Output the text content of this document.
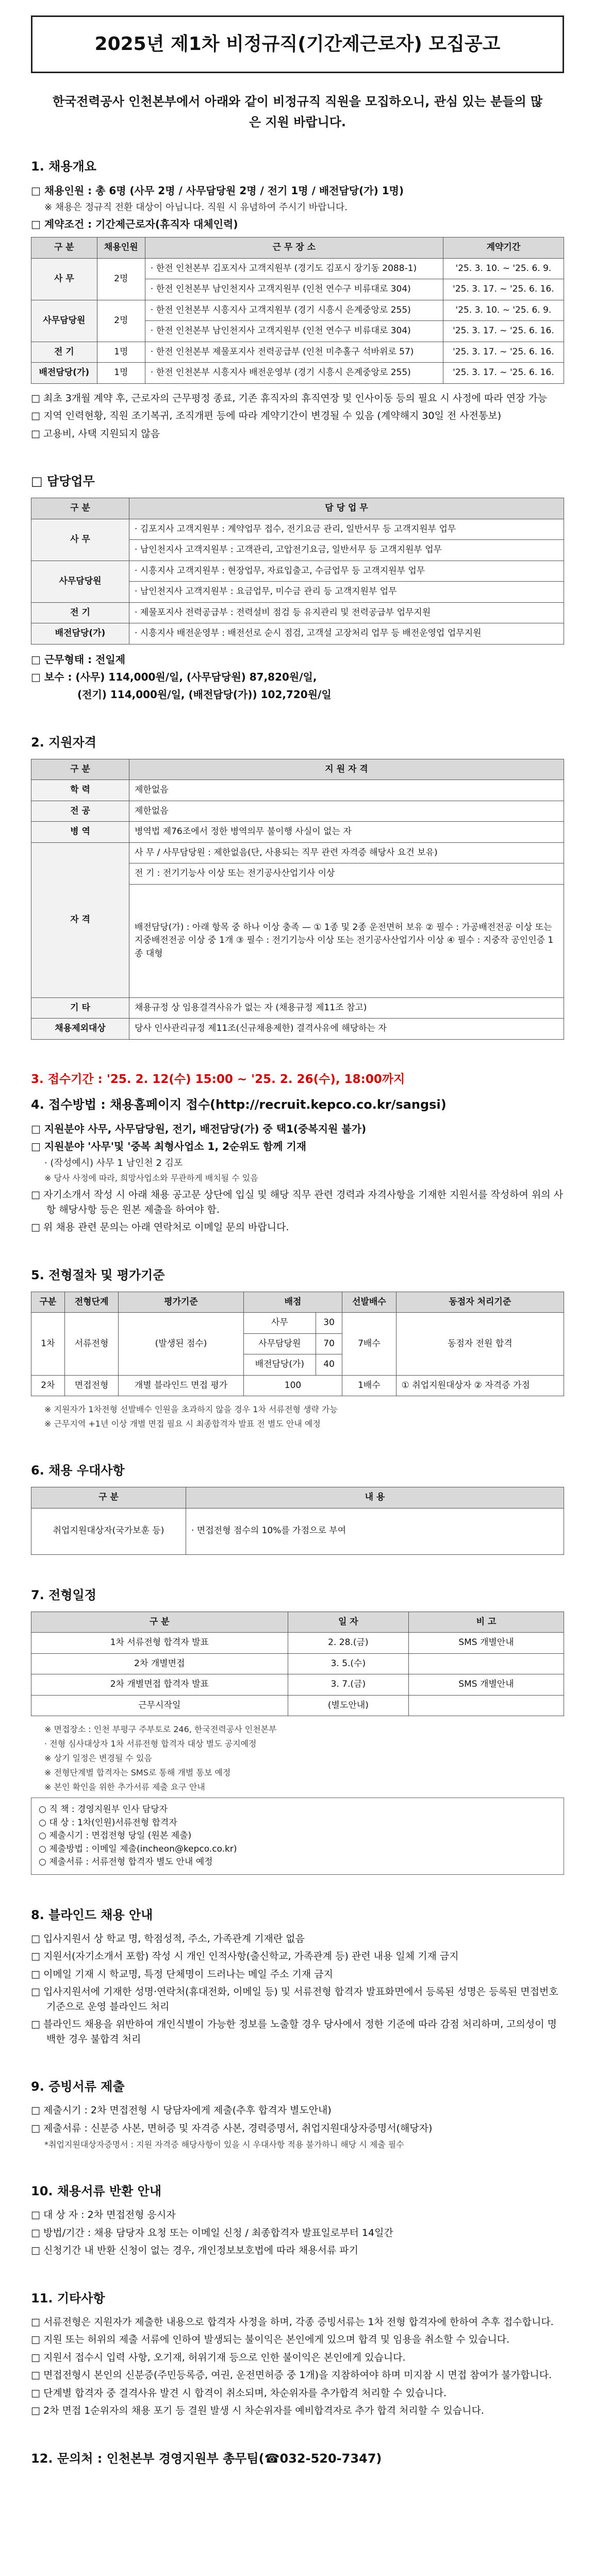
2025년 제1차 비정규직(기간제근로자) 모집공고
한국전력공사 인천본부에서 아래와 같이 비정규직 직원을 모집하오니, 관심 있는 분들의 많은 지원 바랍니다.
1. 채용개요
□ 채용인원 : 총 6명 (사무 2명 / 사무담당원 2명 / 전기 1명 / 배전담당(가) 1명)
※ 채용은 정규직 전환 대상이 아닙니다. 직원 시 유념하여 주시기 바랍니다.
□ 계약조건 : 기간제근로자(휴직자 대체인력)
구 분	채용인원	근 무 장 소	계약기간
사 무	2명	· 한전 인천본부 김포지사 고객지원부 (경기도 김포시 장기동 2088-1)	'25. 3. 10. ~ '25. 6. 9.
		· 한전 인천본부 남인천지사 고객지원부 (인천 연수구 비류대로 304)	'25. 3. 17. ~ '25. 6. 16.
사무담당원	2명	· 한전 인천본부 시흥지사 고객지원부 (경기 시흥시 은계중앙로 255)	'25. 3. 10. ~ '25. 6. 9.
		· 한전 인천본부 남인천지사 고객지원부 (인천 연수구 비류대로 304)	'25. 3. 17. ~ '25. 6. 16.
전 기	1명	· 한전 인천본부 제물포지사 전력공급부 (인천 미추홀구 석바위로 57)	'25. 3. 17. ~ '25. 6. 16.
배전담당(가)	1명	· 한전 인천본부 시흥지사 배전운영부 (경기 시흥시 은계중앙로 255)	'25. 3. 17. ~ '25. 6. 16.
□ 최초 3개월 계약 후, 근로자의 근무평정 종료, 기존 휴직자의 휴직연장 및 인사이동 등의 필요 시 사정에 따라 연장 가능
□ 지역 인력현황, 직원 조기복귀, 조직개편 등에 따라 계약기간이 변경될 수 있음 (계약해지 30일 전 사전통보)
□ 고용비, 사택 지원되지 않음
□ 담당업무
구 분	담 당 업 무
사 무	· 김포지사 고객지원부 : 계약업무 접수, 전기요금 관리, 일반서무 등 고객지원부 업무
	· 남인천지사 고객지원부 : 고객관리, 고압전기요금, 일반서무 등 고객지원부 업무
사무담당원	· 시흥지사 고객지원부 : 현장업무, 자료입출고, 수금업무 등 고객지원부 업무
	· 남인천지사 고객지원부 : 요금업무, 미수금 관리 등 고객지원부 업무
전 기	· 제물포지사 전력공급부 : 전력설비 점검 등 유지관리 및 전력공급부 업무지원
배전담당(가)	· 시흥지사 배전운영부 : 배전선로 순시 점검, 고객설 고장처리 업무 등 배전운영업 업무지원
□ 근무형태 : 전일제
□ 보수 : (사무) 114,000원/일, (사무담당원) 87,820원/일,
(전기) 114,000원/일, (배전담당(가)) 102,720원/일
2. 지원자격
구 분	지 원 자 격
학 력	제한없음
전 공	제한없음
병 역	병역법 제76조에서 정한 병역의무 불이행 사실이 없는 자
자 격	사 무 / 사무담당원 : 제한없음(단, 사용되는 직무 관련 자격증 해당사 요건 보유)
	전 기 : 전기기능사 이상 또는 전기공사산업기사 이상
	배전담당(가) : 아래 항목 중 하나 이상 충족 — ① 1종 및 2종 운전면허 보유 ② 필수 : 가공배전전공 이상 또는 지중배전전공 이상 중 1개 ③ 필수 : 전기기능사 이상 또는 전기공사산업기사 이상 ④ 필수 : 지중작 공인인증 1종 대형
기 타	채용규정 상 임용결격사유가 없는 자 (채용규정 제11조 참고)
채용제외대상	당사 인사관리규정 제11조(신규채용제한) 결격사유에 해당하는 자
3. 접수기간 : '25. 2. 12(수) 15:00 ~ '25. 2. 26(수), 18:00까지
4. 접수방법 : 채용홈페이지 접수(http://recruit.kepco.co.kr/sangsi)
□ 지원분야 사무, 사무담당원, 전기, 배전담당(가) 중 택1(중복지원 불가)
□ 지원분야 '사무'및 '중복 최형사업소 1, 2순위도 함께 기재
· (작성예시) 사무 1 남인천 2 김포
※ 당사 사정에 따라, 희망사업소와 무관하게 배치될 수 있음
□ 자기소개서 작성 시 아래 채용 공고문 상단에 입실 및 해당 직무 관련 경력과 자격사항을 기재한 지원서를 작성하여 위의 사항 해당사항 등은 원본 제출을 하여야 함.
□ 위 채용 관련 문의는 아래 연락처로 이메일 문의 바랍니다.
5. 전형절차 및 평가기준
구분	전형단계	평가기준	배점		선발배수	동점자 처리기준
1차	서류전형	(발생된 점수)	사무	30	7배수	동점자 전원 합격
			사무담당원	70		
			배전담당(가)	40		
2차	면접전형	개별 블라인드 면접 평가	100		1배수	① 취업지원대상자 ② 자격증 가점
※ 지원자가 1차전형 선발배수 인원을 초과하지 않을 경우 1차 서류전형 생략 가능
※ 근무지역 +1년 이상 개별 면접 필요 시 최종합격자 발표 전 별도 안내 예정
6. 채용 우대사항
구 분	내 용
취업지원대상자(국가보훈 등)	· 면접전형 점수의 10%를 가점으로 부여
7. 전형일정
구 분	일 자	비 고
1차 서류전형 합격자 발표	2. 28.(금)	SMS 개별안내
2차 개별면접	3. 5.(수)	
2차 개별면접 합격자 발표	3. 7.(금)	SMS 개별안내
근무시작일	(별도안내)	
※ 면접장소 : 인천 부평구 주부토로 246, 한국전력공사 인천본부
· 전형 심사대상자 1차 서류전형 합격자 대상 별도 공지예정
※ 상기 일정은 변경될 수 있음
※ 전형단계별 합격자는 SMS로 통해 개별 통보 예정
※ 본인 확인을 위한 추가서류 제출 요구 안내
○ 직 책 : 경영지원부 인사 담당자
○ 대 상 : 1차(인원)서류전형 합격자
○ 제출시기 : 면접전형 당일 (원본 제출)
○ 제출방법 : 이메일 제출(incheon@kepco.co.kr)
○ 제출서류 : 서류전형 합격자 별도 안내 예정
8. 블라인드 채용 안내
□ 입사지원서 상 학교 명, 학점성적, 주소, 가족관계 기재란 없음
□ 지원서(자기소개서 포함) 작성 시 개인 인적사항(출신학교, 가족관계 등) 관련 내용 일체 기재 금지
□ 이메일 기재 시 학교명, 특정 단체명이 드러나는 메일 주소 기재 금지
□ 입사지원서에 기재한 성명·연락처(휴대전화, 이메일 등) 및 서류전형 합격자 발표화면에서 등록된 성명은 등록된 면접번호 기준으로 운영 블라인드 처리
□ 블라인드 채용을 위반하여 개인식별이 가능한 정보를 노출할 경우 당사에서 정한 기준에 따라 감점 처리하며, 고의성이 명백한 경우 불합격 처리
9. 증빙서류 제출
□ 제출시기 : 2차 면접전형 시 당담자에게 제출(추후 합격자 별도안내)
□ 제출서류 : 신분증 사본, 면허증 및 자격증 사본, 경력증명서, 취업지원대상자증명서(해당자)
*취업지원대상자증명서 : 지원 자격증 해당사항이 있을 시 우대사항 적용 불가하니 해당 시 제출 필수
10. 채용서류 반환 안내
□ 대 상 자 : 2차 면접전형 응시자
□ 방법/기간 : 채용 담당자 요청 또는 이메일 신청 / 최종합격자 발표일로부터 14일간
□ 신청기간 내 반환 신청이 없는 경우, 개인정보보호법에 따라 채용서류 파기
11. 기타사항
□ 서류전형은 지원자가 제출한 내용으로 합격자 사정을 하며, 각종 증빙서류는 1차 전형 합격자에 한하여 추후 접수합니다.
□ 지원 또는 허위의 제출 서류에 인하여 발생되는 불이익은 본인에게 있으며 합격 및 임용을 취소할 수 있습니다.
□ 지원서 접수시 입력 사항, 오기재, 허위기재 등으로 인한 불이익은 본인에게 있습니다.
□ 면접전형시 본인의 신분증(주민등록증, 여권, 운전면허증 중 1개)을 지참하여야 하며 미지참 시 면접 참여가 불가합니다.
□ 단계별 합격자 중 결격사유 발견 시 합격이 취소되며, 차순위자를 추가합격 처리할 수 있습니다.
□ 2차 면접 1순위자의 채용 포기 등 결원 발생 시 차순위자를 예비합격자로 추가 합격 처리할 수 있습니다.
12. 문의처 : 인천본부 경영지원부 총무팀(☎032-520-7347)
